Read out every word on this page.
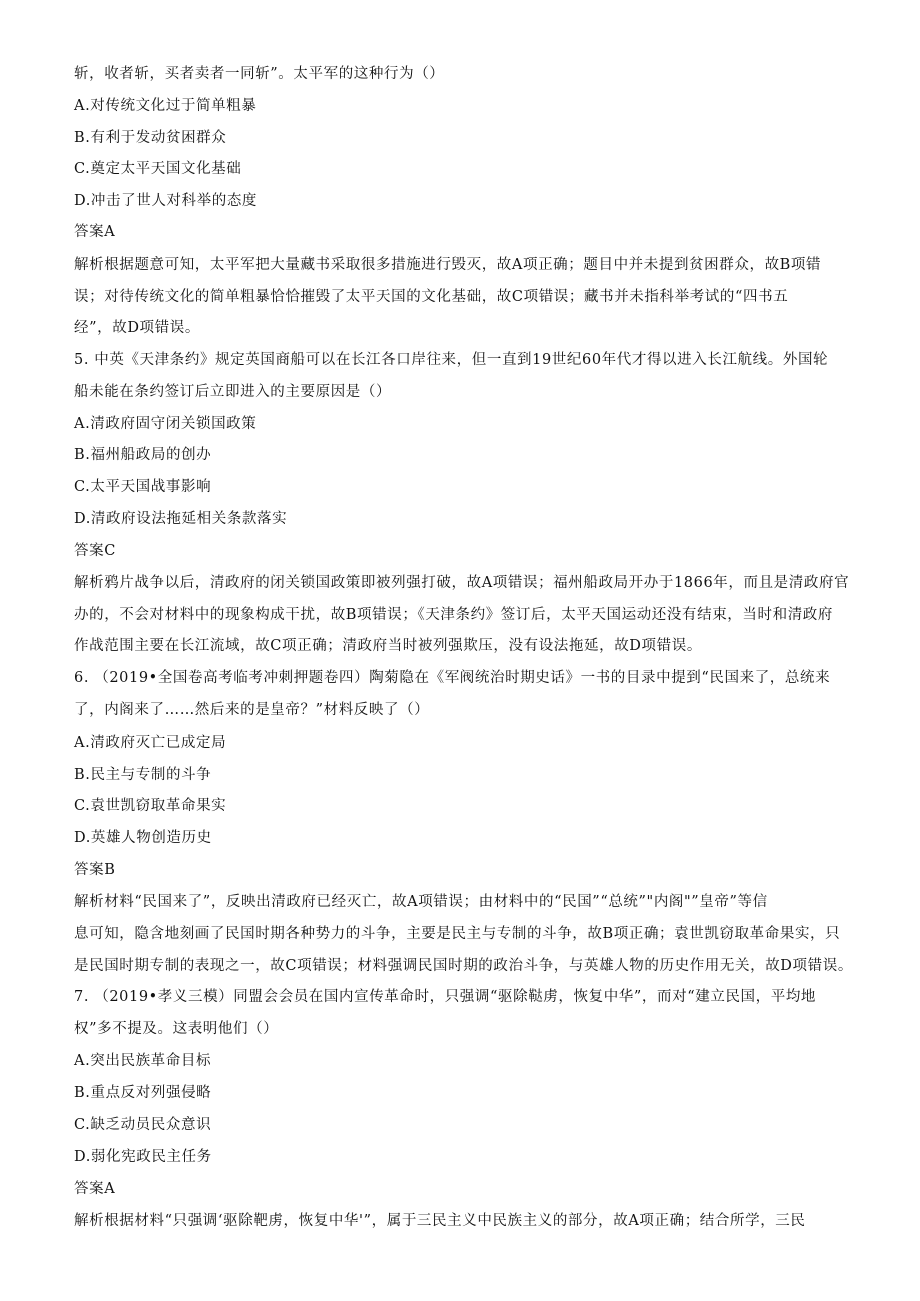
斩，收者斩，买者卖者一同斩”。太平军的这种行为（）
A.对传统文化过于简单粗暴
B.有利于发动贫困群众
C.奠定太平天国文化基础
D.冲击了世人对科举的态度
答案A
解析根据题意可知，太平军把大量藏书采取很多措施进行毁灭，故A项正确；题目中并未提到贫困群众，故B项错
误；对待传统文化的简单粗暴恰恰摧毁了太平天国的文化基础，故C项错误；藏书并未指科举考试的“四书五
经”，故D项错误。
5. 中英《天津条约》规定英国商船可以在长江各口岸往来，但一直到19世纪60年代才得以进入长江航线。外国轮
船未能在条约签订后立即进入的主要原因是（）
A.清政府固守闭关锁国政策
B.福州船政局的创办
C.太平天国战事影响
D.清政府设法拖延相关条款落实
答案C
解析鸦片战争以后，清政府的闭关锁国政策即被列强打破，故A项错误；福州船政局开办于1866年，而且是清政府官
办的，不会对材料中的现象构成干扰，故B项错误；《天津条约》签订后，太平天国运动还没有结束，当时和清政府
作战范围主要在长江流域，故C项正确；清政府当时被列强欺压，没有设法拖延，故D项错误。
6. （2019•全国卷高考临考冲刺押题卷四）陶菊隐在《军阀统治时期史话》一书的目录中提到“民国来了，总统来
了，内阁来了……然后来的是皇帝？”材料反映了（）
A.清政府灭亡已成定局
B.民主与专制的斗争
C.袁世凯窃取革命果实
D.英雄人物创造历史
答案B
解析材料“民国来了”，反映出清政府已经灭亡，故A项错误；由材料中的“民国”“总统”"内阁"”皇帝”等信
息可知，隐含地刻画了民国时期各种势力的斗争，主要是民主与专制的斗争，故B项正确；袁世凯窃取革命果实，只
是民国时期专制的表现之一，故C项错误；材料强调民国时期的政治斗争，与英雄人物的历史作用无关，故D项错误。
7. （2019•孝义三模）同盟会会员在国内宣传革命时，只强调“驱除鞑虏，恢复中华”，而对“建立民国，平均地
权”多不提及。这表明他们（）
A.突出民族革命目标
B.重点反对列强侵略
C.缺乏动员民众意识
D.弱化宪政民主任务
答案A
解析根据材料“只强调‘驱除靶虏，恢复中华'”，属于三民主义中民族主义的部分，故A项正确；结合所学，三民
